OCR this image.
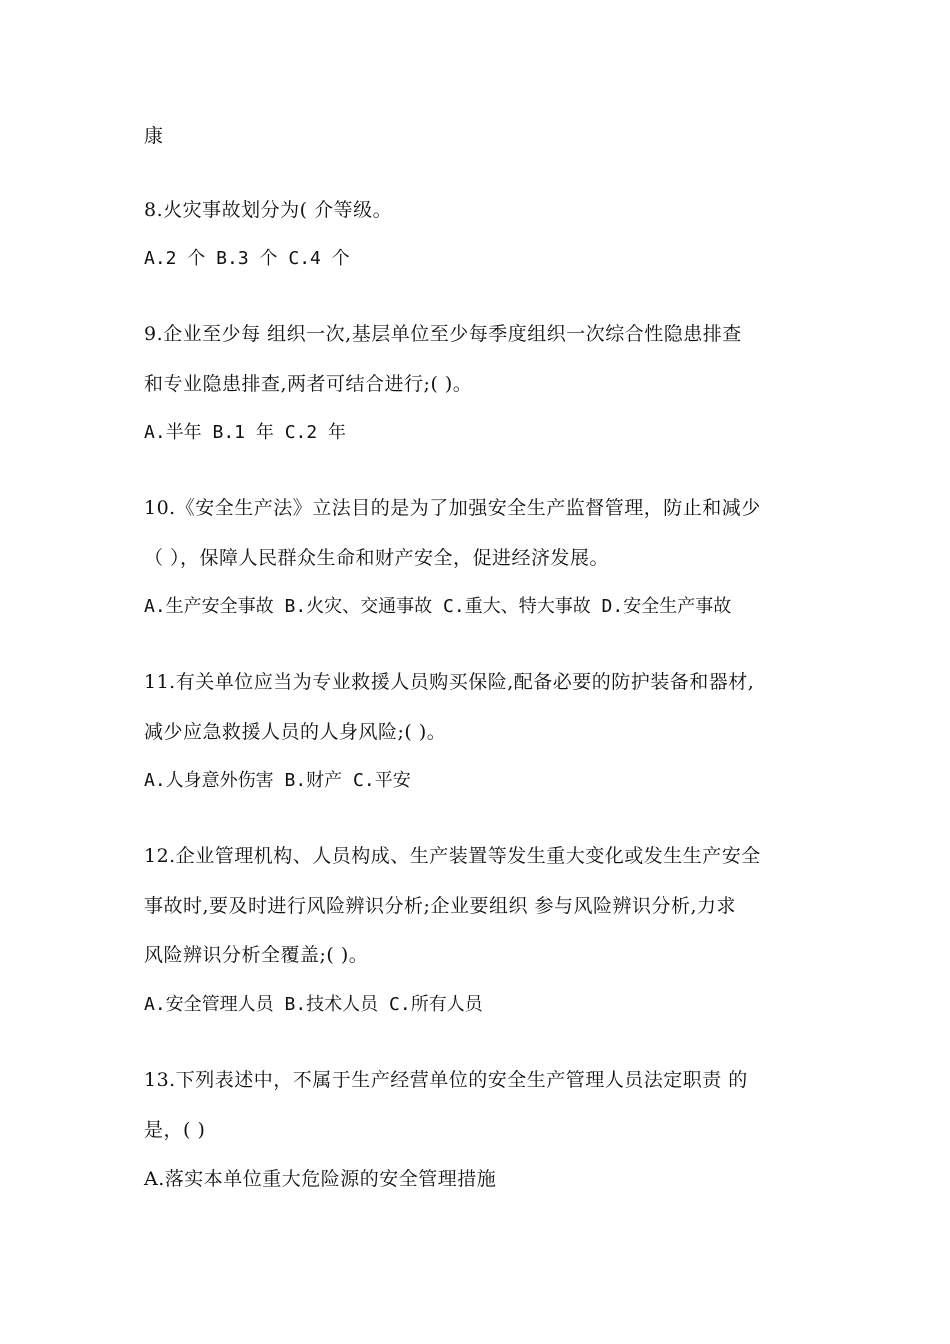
康
8.火灾事故划分为( 介等级。
A.2 个 B.3 个 C.4 个
9.企业至少每 组织一次,基层单位至少每季度组织一次综合性隐患排查
和专业隐患排查,两者可结合进行;( )。
A.半年 B.1 年 C.2 年
10.《安全生产法》立法目的是为了加强安全生产监督管理，防止和减少
（ ），保障人民群众生命和财产安全，促进经济发展。
A.生产安全事故 B.火灾、交通事故 C.重大、特大事故 D.安全生产事故
11.有关单位应当为专业救援人员购买保险,配备必要的防护装备和器材,
减少应急救援人员的人身风险;( )。
A.人身意外伤害 B.财产 C.平安
12.企业管理机构、人员构成、生产装置等发生重大变化或发生生产安全
事故时,要及时进行风险辨识分析;企业要组织 参与风险辨识分析,力求
风险辨识分析全覆盖;( )。
A.安全管理人员 B.技术人员 C.所有人员
13.下列表述中，不属于生产经营单位的安全生产管理人员法定职责 的
是，( )
A.落实本单位重大危险源的安全管理措施
